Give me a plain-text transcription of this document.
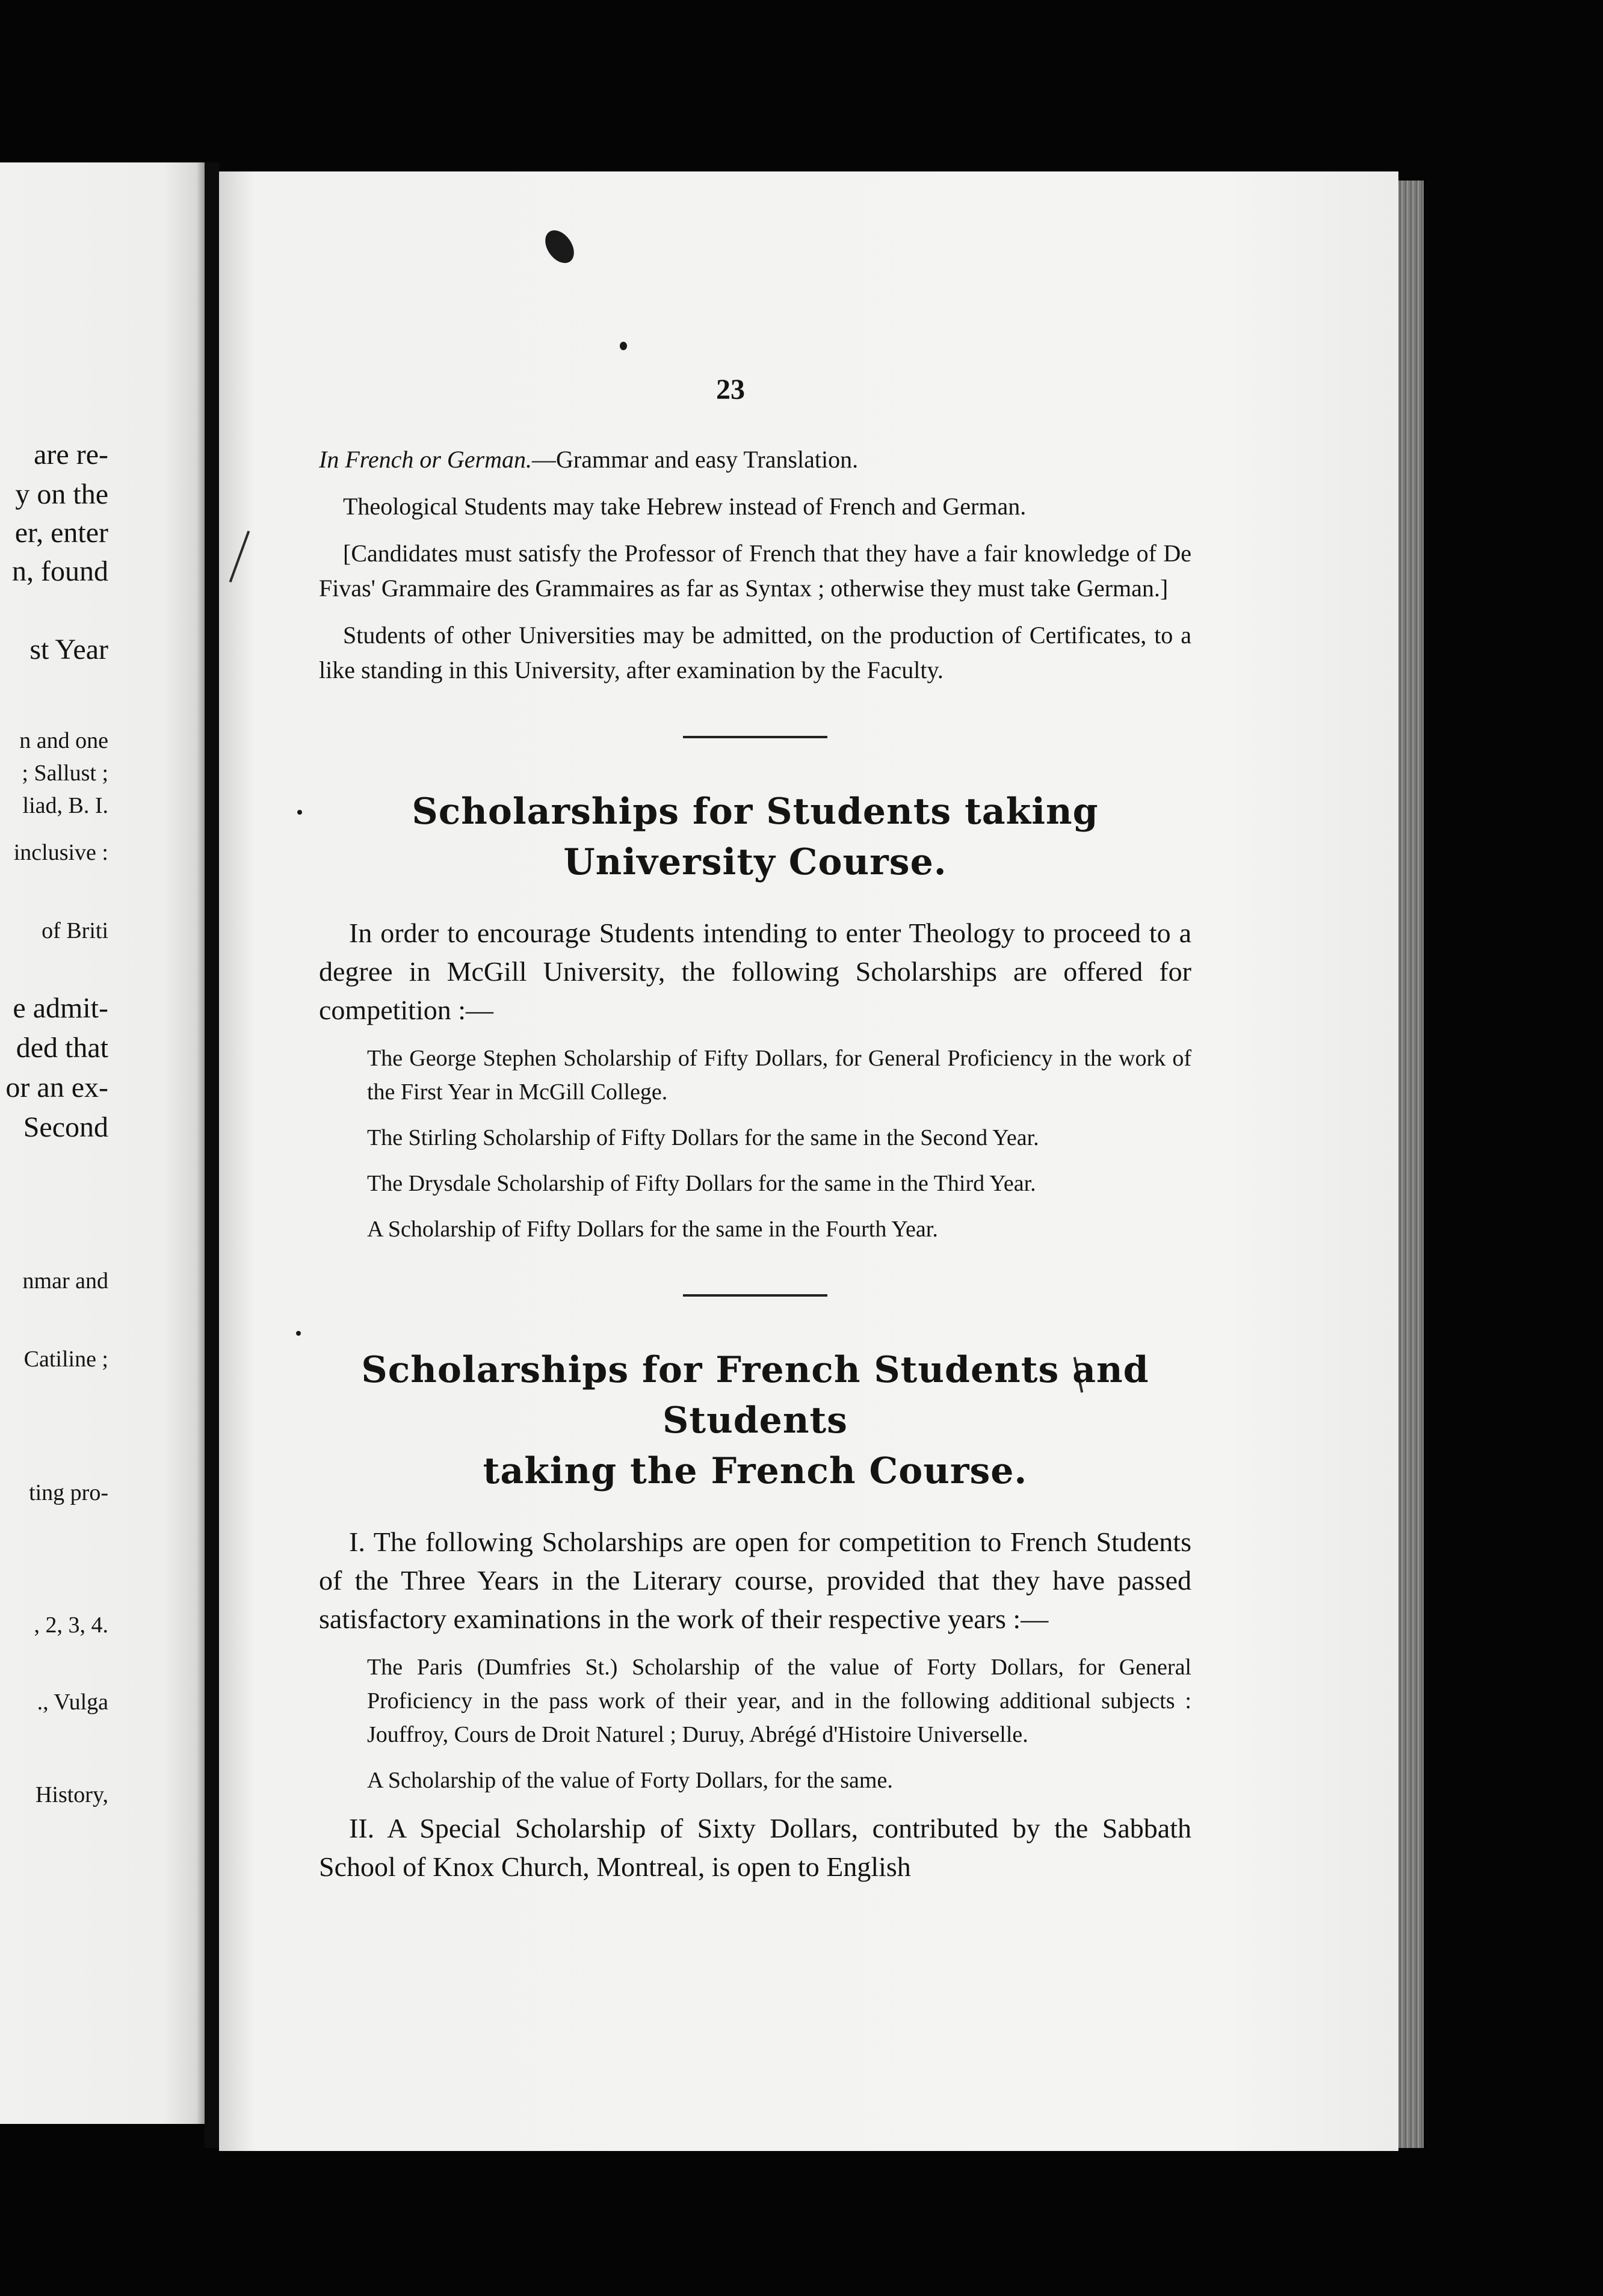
are re-

y on the

er, enter

n, found

st Year

n and one

; Sallust ;

liad, B. I.

inclusive :

of Briti

e admit-

ded that

or an ex-

Second

nmar and

Catiline ;

ting pro-

, 2, 3, 4.

., Vulga

History,

23

In French or German.—Grammar and easy Translation.

Theological Students may take Hebrew instead of French and German.

[Candidates must satisfy the Professor of French that they have a fair knowledge of De Fivas' Grammaire des Grammaires as far as Syntax ; otherwise they must take German.]

Students of other Universities may be admitted, on the production of Certificates, to a like standing in this University, after examination by the Faculty.

Scholarships for Students taking University Course.

In order to encourage Students intending to enter Theology to proceed to a degree in McGill University, the following Scholarships are offered for competition :—

The George Stephen Scholarship of Fifty Dollars, for General Proficiency in the work of the First Year in McGill College.

The Stirling Scholarship of Fifty Dollars for the same in the Second Year.

The Drysdale Scholarship of Fifty Dollars for the same in the Third Year.

A Scholarship of Fifty Dollars for the same in the Fourth Year.

Scholarships for French Students and Students
taking the French Course.

I. The following Scholarships are open for competition to French Students of the Three Years in the Literary course, provided that they have passed satisfactory examinations in the work of their respective years :—

The Paris (Dumfries St.) Scholarship of the value of Forty Dollars, for General Proficiency in the pass work of their year, and in the following additional subjects : Jouffroy, Cours de Droit Naturel ; Duruy, Abrégé d'Histoire Universelle.

A Scholarship of the value of Forty Dollars, for the same.

II. A Special Scholarship of Sixty Dollars, contributed by the Sabbath School of Knox Church, Montreal, is open to English
